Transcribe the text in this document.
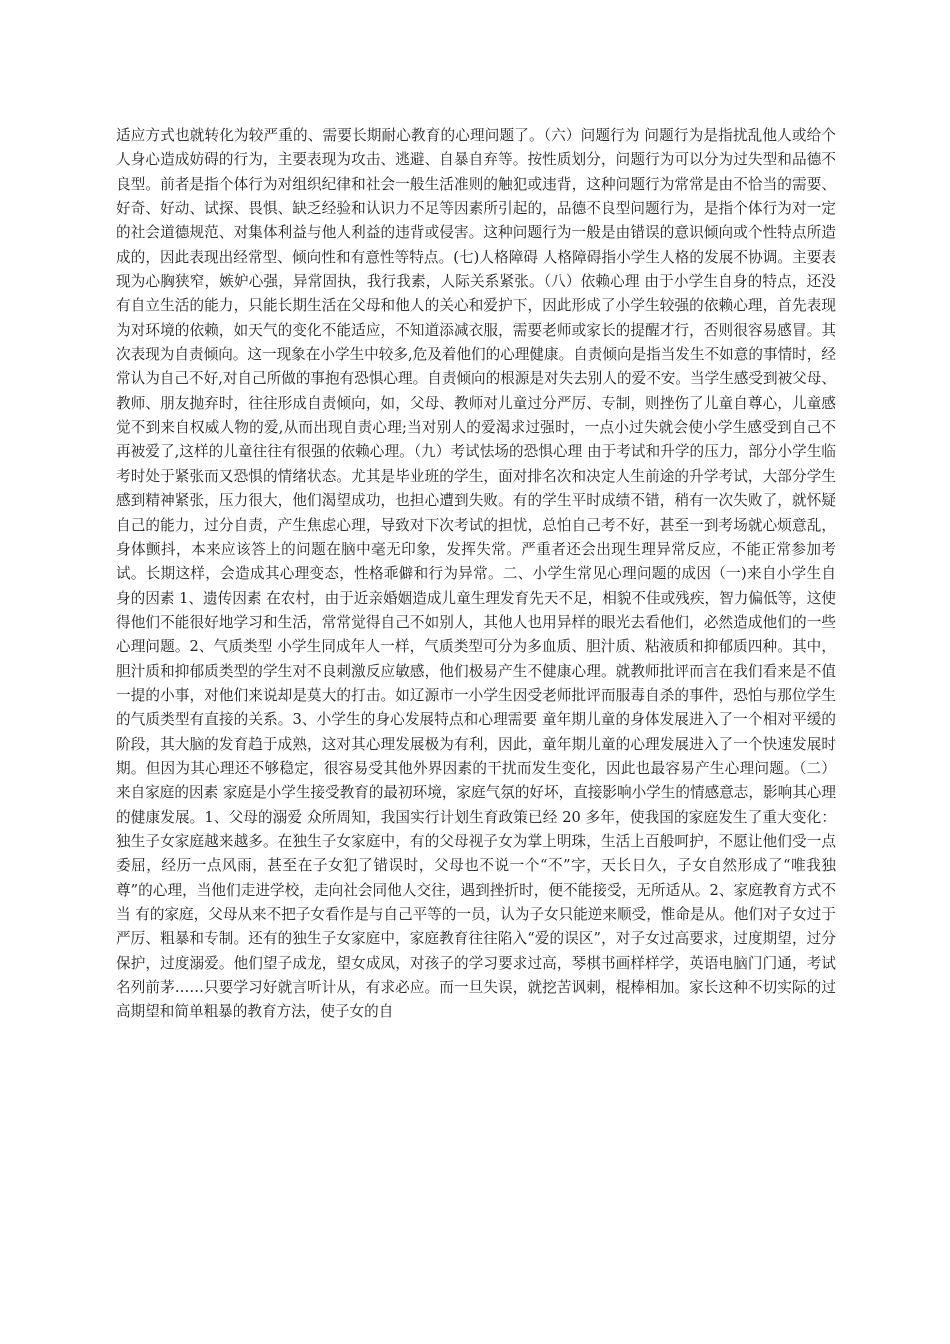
适应方式也就转化为较严重的、需要长期耐心教育的心理问题了。（六）问题行为 问题行为是指扰乱他人或给个人身心造成妨碍的行为，主要表现为攻击、逃避、自暴自弃等。按性质划分，问题行为可以分为过失型和品德不良型。前者是指个体行为对组织纪律和社会一般生活准则的触犯或违背，这种问题行为常常是由不恰当的需要、好奇、好动、试探、畏惧、缺乏经验和认识力不足等因素所引起的，品德不良型问题行为，是指个体行为对一定的社会道德规范、对集体利益与他人利益的违背或侵害。这种问题行为一般是由错误的意识倾向或个性特点所造成的，因此表现出经常型、倾向性和有意性等特点。(七)人格障碍 人格障碍指小学生人格的发展不协调。主要表现为心胸狭窄，嫉妒心强，异常固执，我行我素，人际关系紧张。（八）依赖心理 由于小学生自身的特点，还没有自立生活的能力，只能长期生活在父母和他人的关心和爱护下，因此形成了小学生较强的依赖心理，首先表现为对环境的依赖，如天气的变化不能适应，不知道添减衣服，需要老师或家长的提醒才行，否则很容易感冒。其次表现为自责倾向。这一现象在小学生中较多,危及着他们的心理健康。自责倾向是指当发生不如意的事情时，经常认为自己不好,对自己所做的事抱有恐惧心理。自责倾向的根源是对失去别人的爱不安。当学生感受到被父母、教师、朋友抛弃时，往往形成自责倾向，如，父母、教师对儿童过分严厉、专制，则挫伤了儿童自尊心，儿童感觉不到来自权威人物的爱,从而出现自责心理;当对别人的爱渴求过强时，一点小过失就会使小学生感受到自己不再被爱了,这样的儿童往往有很强的依赖心理。（九）考试怯场的恐惧心理 由于考试和升学的压力，部分小学生临考时处于紧张而又恐惧的情绪状态。尤其是毕业班的学生，面对排名次和决定人生前途的升学考试，大部分学生感到精神紧张，压力很大，他们渴望成功，也担心遭到失败。有的学生平时成绩不错，稍有一次失败了，就怀疑自己的能力，过分自责，产生焦虑心理，导致对下次考试的担忧，总怕自己考不好，甚至一到考场就心烦意乱，身体颤抖，本来应该答上的问题在脑中毫无印象，发挥失常。严重者还会出现生理异常反应，不能正常参加考试。长期这样，会造成其心理变态，性格乖僻和行为异常。二、小学生常见心理问题的成因（一)来自小学生自身的因素 1、遗传因素 在农村，由于近亲婚姻造成儿童生理发育先天不足，相貌不佳或残疾，智力偏低等，这使得他们不能很好地学习和生活，常常觉得自己不如别人，其他人也用异样的眼光去看他们，必然造成他们的一些心理问题。2、气质类型 小学生同成年人一样，气质类型可分为多血质、胆汁质、粘液质和抑郁质四种。其中，胆汁质和抑郁质类型的学生对不良刺激反应敏感，他们极易产生不健康心理。就教师批评而言在我们看来是不值一提的小事，对他们来说却是莫大的打击。如辽源市一小学生因受老师批评而服毒自杀的事件，恐怕与那位学生的气质类型有直接的关系。3、小学生的身心发展特点和心理需要 童年期儿童的身体发展进入了一个相对平缓的阶段，其大脑的发育趋于成熟，这对其心理发展极为有利，因此，童年期儿童的心理发展进入了一个快速发展时期。但因为其心理还不够稳定，很容易受其他外界因素的干扰而发生变化，因此也最容易产生心理问题。（二）来自家庭的因素 家庭是小学生接受教育的最初环境，家庭气氛的好坏，直接影响小学生的情感意志，影响其心理的健康发展。1、父母的溺爱 众所周知，我国实行计划生育政策已经 20 多年，使我国的家庭发生了重大变化：独生子女家庭越来越多。在独生子女家庭中，有的父母视子女为掌上明珠，生活上百般呵护，不愿让他们受一点委屈，经历一点风雨，甚至在子女犯了错误时，父母也不说一个“不”字，天长日久，子女自然形成了“唯我独尊”的心理，当他们走进学校，走向社会同他人交往，遇到挫折时，便不能接受，无所适从。2、家庭教育方式不当 有的家庭，父母从来不把子女看作是与自己平等的一员，认为子女只能逆来顺受，惟命是从。他们对子女过于严厉、粗暴和专制。还有的独生子女家庭中，家庭教育往往陷入“爱的误区”，对子女过高要求，过度期望，过分保护，过度溺爱。他们望子成龙，望女成凤，对孩子的学习要求过高，琴棋书画样样学，英语电脑门门通，考试名列前茅……只要学习好就言听计从，有求必应。而一旦失误，就挖苦讽刺，棍棒相加。家长这种不切实际的过高期望和简单粗暴的教育方法，使子女的自
